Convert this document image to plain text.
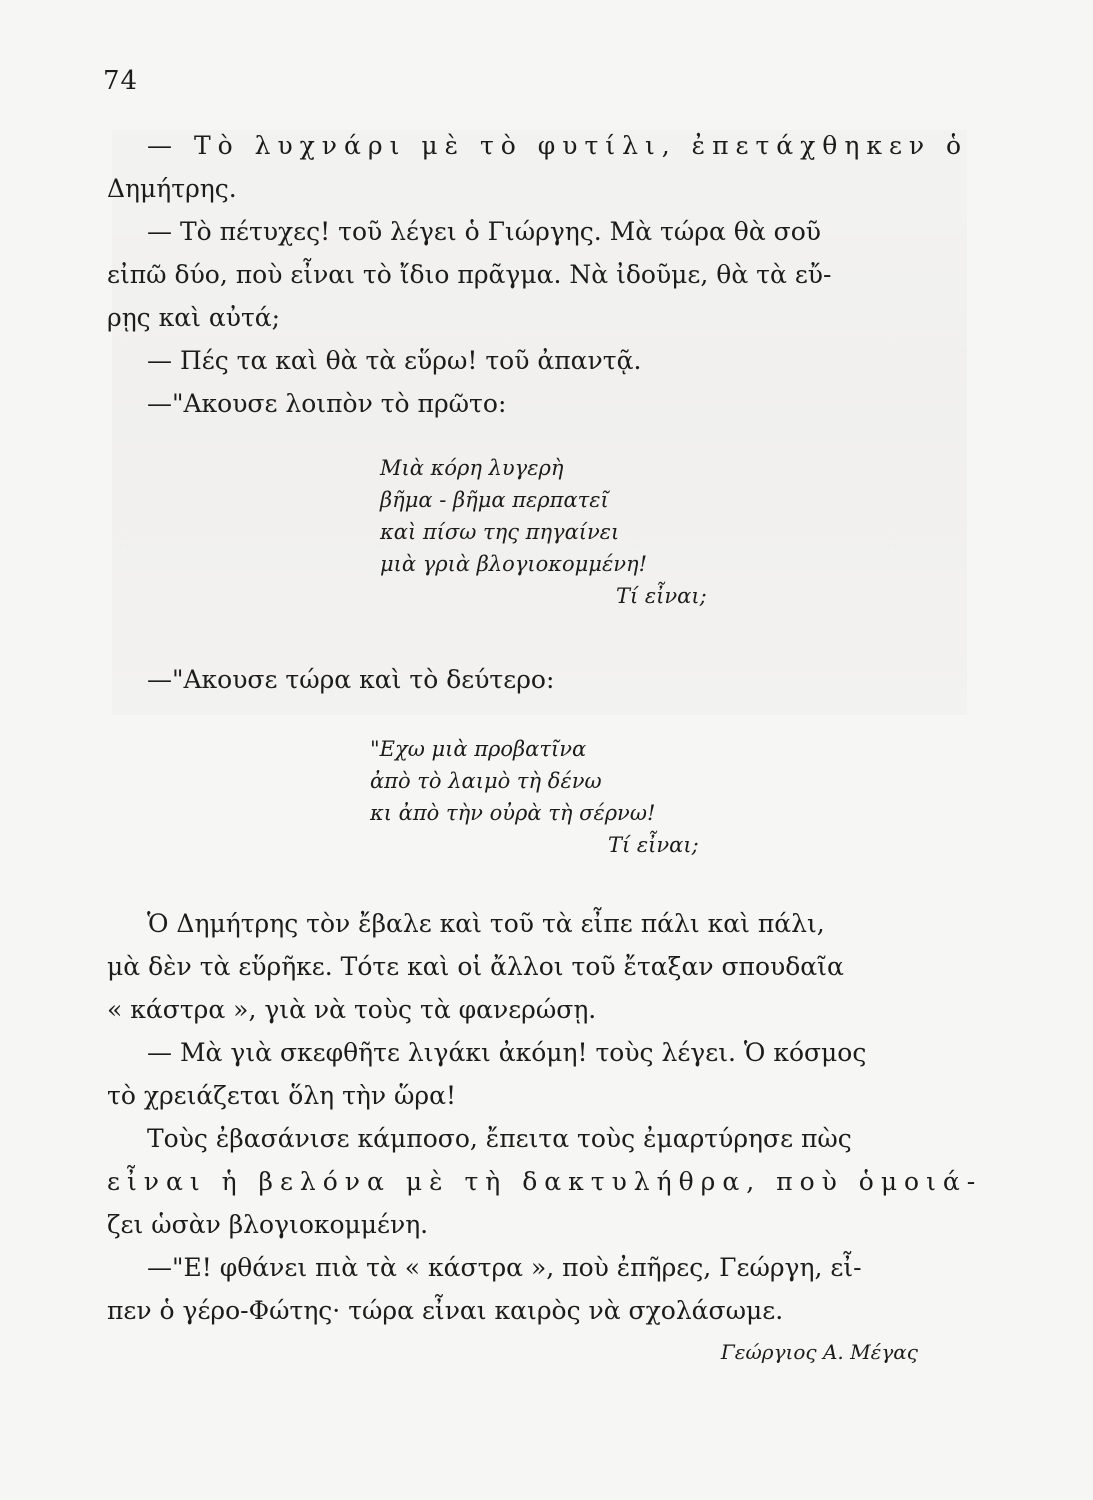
74
— Τὸ λυχνάρι μὲ τὸ φυτίλι, ἐπετάχθηκεν ὁ
Δημήτρης.
— Τὸ πέτυχες! τοῦ λέγει ὁ Γιώργης. Μὰ τώρα θὰ σοῦ
εἰπῶ δύο, ποὺ εἶναι τὸ ἴδιο πρᾶγμα. Νὰ ἰδοῦμε, θὰ τὰ εὔ-
ρῃς καὶ αὐτά;
— Πές τα καὶ θὰ τὰ εὕρω! τοῦ ἀπαντᾷ.
—"Ακουσε λοιπὸν τὸ πρῶτο:
Μιὰ κόρη λυγερὴ
βῆμα - βῆμα περπατεῖ
καὶ πίσω της πηγαίνει
μιὰ γριὰ βλογιοκομμένη!
Τί εἶναι;
—"Ακουσε τώρα καὶ τὸ δεύτερο:
"Εχω μιὰ προβατῖνα
ἀπὸ τὸ λαιμὸ τὴ δένω
κι ἀπὸ τὴν οὐρὰ τὴ σέρνω!
Τί εἶναι;
Ὁ Δημήτρης τὸν ἔβαλε καὶ τοῦ τὰ εἶπε πάλι καὶ πάλι,
μὰ δὲν τὰ εὕρῆκε. Τότε καὶ οἱ ἄλλοι τοῦ ἔταξαν σπουδαῖα
« κάστρα », γιὰ νὰ τοὺς τὰ φανερώσῃ.
— Μὰ γιὰ σκεφθῆτε λιγάκι ἀκόμη! τοὺς λέγει. Ὁ κόσμος
τὸ χρειάζεται ὅλη τὴν ὥρα!
Τοὺς ἐβασάνισε κάμποσο, ἔπειτα τοὺς ἐμαρτύρησε πὼς
εἶναι ἡ βελόνα μὲ τὴ δακτυλήθρα, ποὺ ὁμοιά-
ζει ὡσὰν βλογιοκομμένη.
—"Ε! φθάνει πιὰ τὰ « κάστρα », ποὺ ἐπῆρες, Γεώργη, εἶ-
πεν ὁ γέρο-Φώτης· τώρα εἶναι καιρὸς νὰ σχολάσωμε.
Γεώργιος Α. Μέγας
